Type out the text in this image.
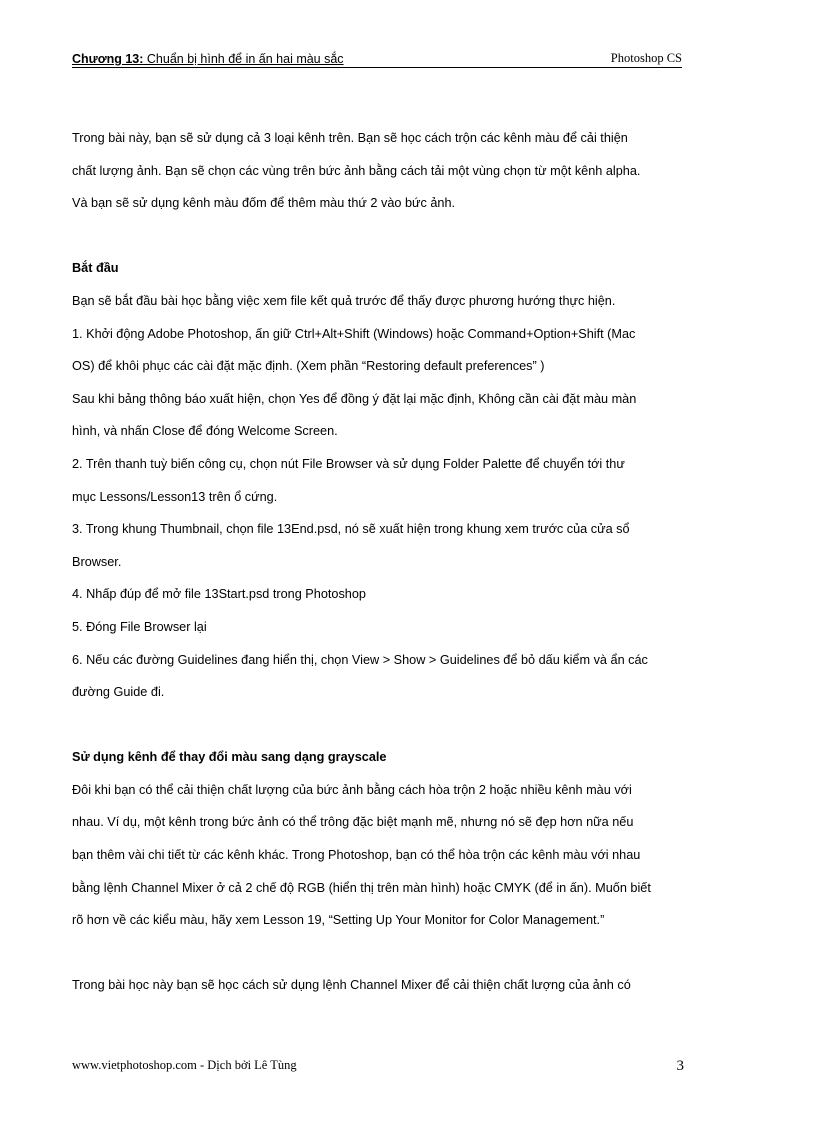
Chương 13: Chuẩn bị hình để in ấn hai màu sắc	Photoshop CS
Trong bài này, bạn sẽ sử dụng cả 3 loại kênh trên. Bạn sẽ học cách trộn các kênh màu để cải thiện
chất lượng ảnh. Bạn sẽ chọn các vùng trên bức ảnh bằng cách tải một vùng chọn từ một kênh alpha.
Và bạn sẽ sử dụng kênh màu đốm để thêm màu thứ 2 vào bức ảnh.
Bắt đầu
Bạn sẽ bắt đầu bài học bằng việc xem file kết quả trước để thấy được phương hướng thực hiện.
1. Khởi động Adobe Photoshop, ấn giữ Ctrl+Alt+Shift (Windows) hoặc Command+Option+Shift (Mac
OS) để khôi phục các cài đặt mặc định. (Xem phần “Restoring default preferences” )
Sau khi bảng thông báo xuất hiện, chọn Yes để đồng ý đặt lại mặc định, Không cần cài đặt màu màn
hình, và nhấn Close để đóng Welcome Screen.
2. Trên thanh tuỳ biến công cụ, chọn nút File Browser và sử dụng Folder Palette để chuyển tới thư
mục Lessons/Lesson13 trên ổ cứng.
3. Trong khung Thumbnail, chọn file 13End.psd, nó sẽ xuất hiện trong khung xem trước của cửa sổ
Browser.
4. Nhấp đúp để mở file 13Start.psd trong Photoshop
5. Đóng File Browser lại
6. Nếu các đường Guidelines đang hiển thị, chọn View > Show > Guidelines để bỏ dấu kiểm và ẩn các
đường Guide đi.
Sử dụng kênh để thay đổi màu sang dạng grayscale
Đôi khi bạn có thể cải thiện chất lượng của bức ảnh bằng cách hòa trộn 2 hoặc nhiều kênh màu với
nhau. Ví dụ, một kênh trong bức ảnh có thể trông đặc biệt mạnh mẽ, nhưng nó sẽ đẹp hơn nữa nếu
bạn thêm vài chi tiết từ các kênh khác. Trong Photoshop, bạn có thể hòa trộn các kênh màu với nhau
bằng lệnh Channel Mixer ở cả 2 chế độ RGB (hiển thị trên màn hình) hoặc CMYK (để in ấn). Muốn biết
rõ hơn về các kiểu màu, hãy xem Lesson 19, “Setting Up Your Monitor for Color Management.”
Trong bài học này bạn sẽ học cách sử dụng lệnh Channel Mixer để cải thiện chất lượng của ảnh có
www.vietphotoshop.com - Dịch bởi Lê Tùng	3
